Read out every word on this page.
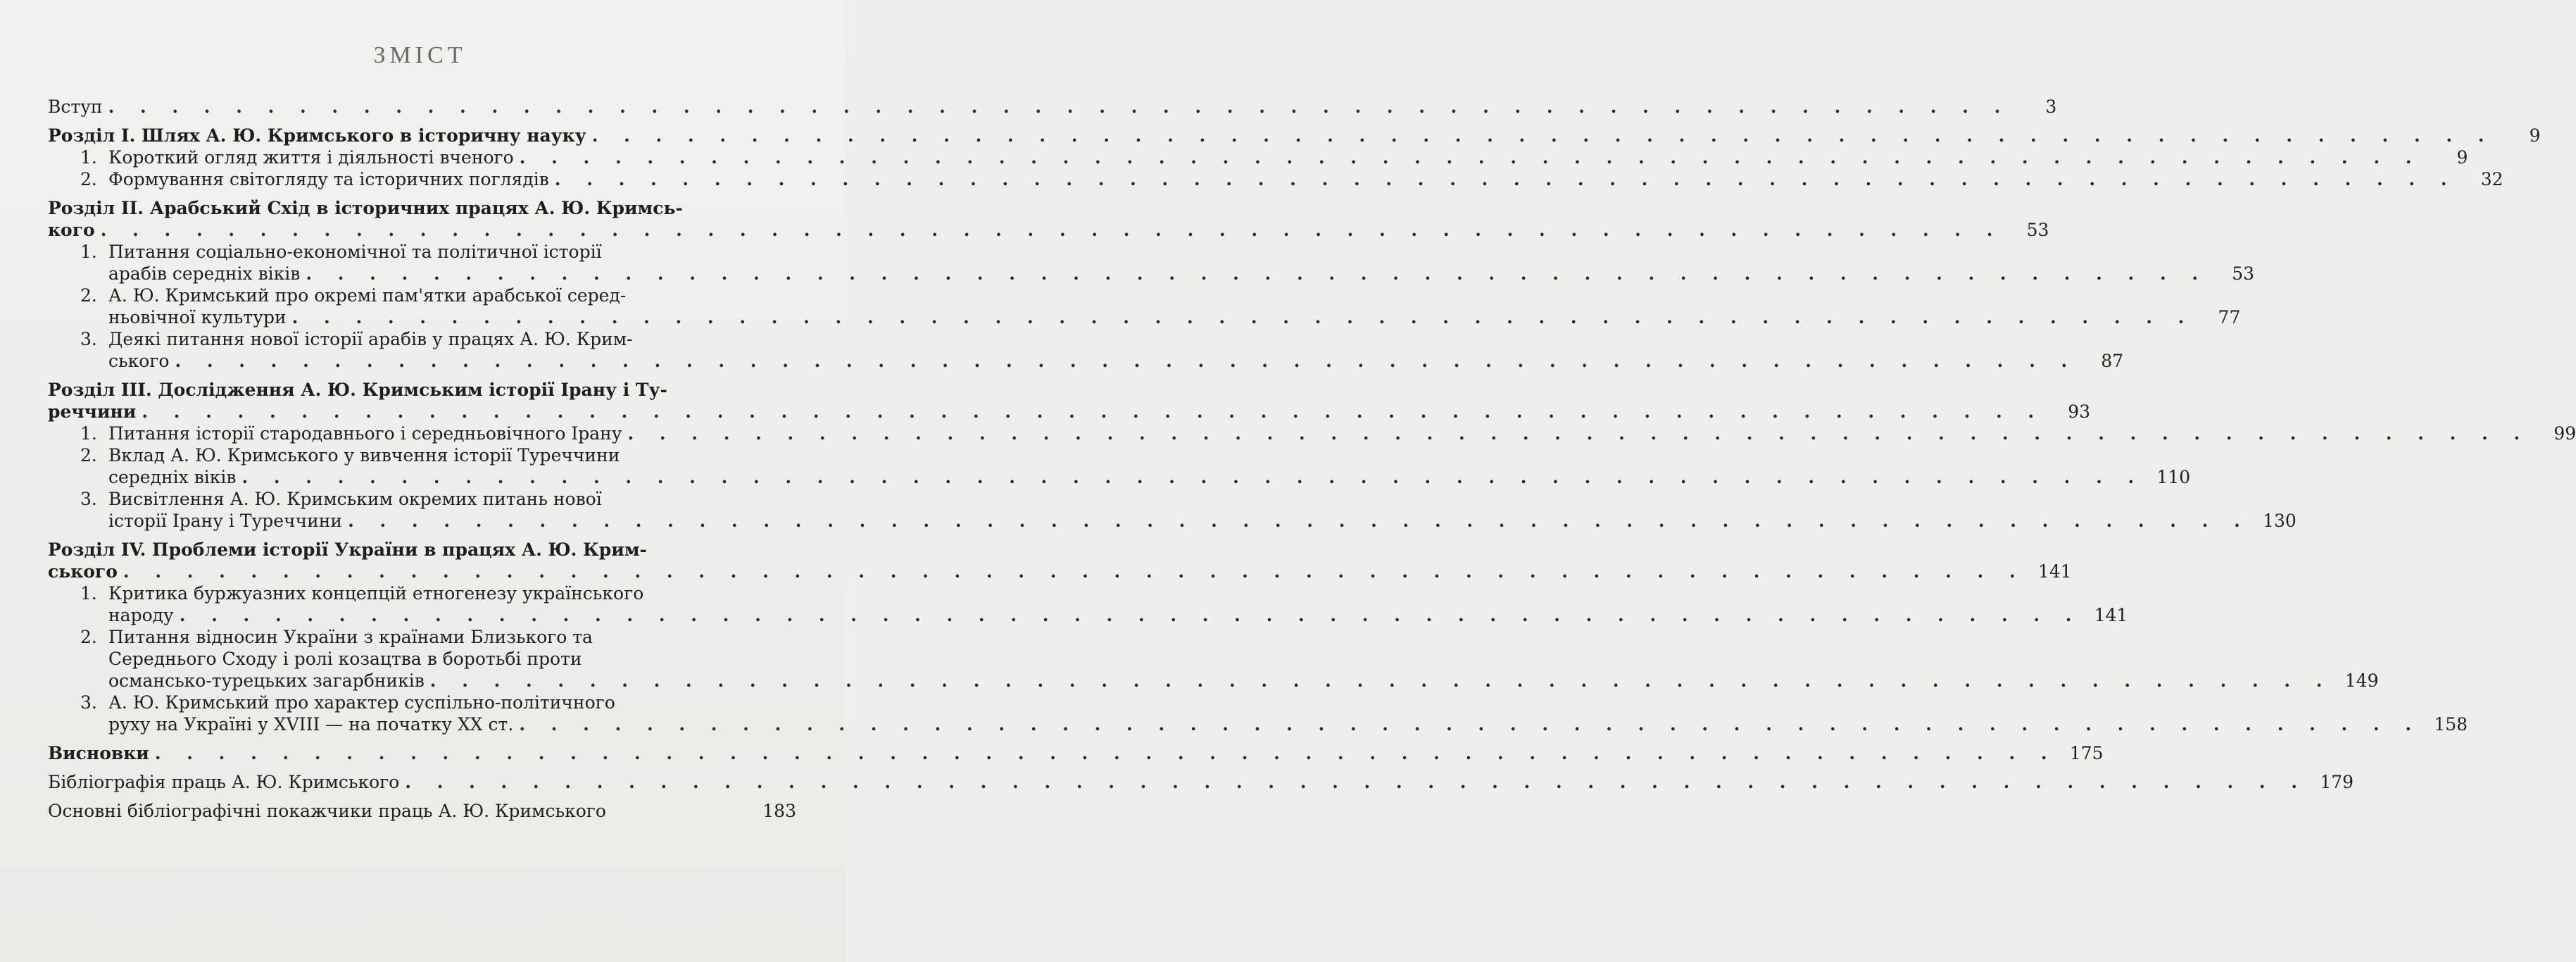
ЗМІСТ
Вступ . . . . . . . . . . . . . . . . . . . . . . . . . . . . . . . . . . . . . . . . . . . . . . . . . . . . . . . . . . . .	3
Розділ I. Шлях А. Ю. Кримського в історичну науку . . . . . . . . . . . . . . . . . . . . . . . . . . . . . . . . . . . . . . . . . . . . . . . . . . . . . . . . . . . .	9
1. Короткий огляд життя і діяльності вченого . . . . . . . . . . . . . . . . . . . . . . . . . . . . . . . . . . . . . . . . . . . . . . . . . . . . . . . . . . . .	9
2. Формування світогляду та історичних поглядів . . . . . . . . . . . . . . . . . . . . . . . . . . . . . . . . . . . . . . . . . . . . . . . . . . . . . . . . . . . .	32
Розділ II. Арабський Схід в історичних працях А. Ю. Кримсь-
кого . . . . . . . . . . . . . . . . . . . . . . . . . . . . . . . . . . . . . . . . . . . . . . . . . . . . . . . . . . . .	53
1. Питання соціально-економічної та політичної історії
арабів середніх віків . . . . . . . . . . . . . . . . . . . . . . . . . . . . . . . . . . . . . . . . . . . . . . . . . . . . . . . . . . . .	53
2. А. Ю. Кримський про окремі пам'ятки арабської серед-
ньовічної культури . . . . . . . . . . . . . . . . . . . . . . . . . . . . . . . . . . . . . . . . . . . . . . . . . . . . . . . . . . . .	77
3. Деякі питання нової історії арабів у працях А. Ю. Крим-
ського . . . . . . . . . . . . . . . . . . . . . . . . . . . . . . . . . . . . . . . . . . . . . . . . . . . . . . . . . . . .	87
Розділ III. Дослідження А. Ю. Кримським історії Ірану і Ту-
реччини . . . . . . . . . . . . . . . . . . . . . . . . . . . . . . . . . . . . . . . . . . . . . . . . . . . . . . . . . . . .	93
1. Питання історії стародавнього і середньовічного Ірану . . . . . . . . . . . . . . . . . . . . . . . . . . . . . . . . . . . . . . . . . . . . . . . . . . . . . . . . . . . .	99
2. Вклад А. Ю. Кримського у вивчення історії Туреччини
середніх віків . . . . . . . . . . . . . . . . . . . . . . . . . . . . . . . . . . . . . . . . . . . . . . . . . . . . . . . . . . . . 110
3. Висвітлення А. Ю. Кримським окремих питань нової
історії Ірану і Туреччини . . . . . . . . . . . . . . . . . . . . . . . . . . . . . . . . . . . . . . . . . . . . . . . . . . . . . . . . . . . . 130
Розділ IV. Проблеми історії України в працях А. Ю. Крим-
ського . . . . . . . . . . . . . . . . . . . . . . . . . . . . . . . . . . . . . . . . . . . . . . . . . . . . . . . . . . . . 141
1. Критика буржуазних концепцій етногенезу українського
народу . . . . . . . . . . . . . . . . . . . . . . . . . . . . . . . . . . . . . . . . . . . . . . . . . . . . . . . . . . . . 141
2. Питання відносин України з країнами Близького та
Середнього Сходу і ролі козацтва в боротьбі проти
османсько-турецьких загарбників . . . . . . . . . . . . . . . . . . . . . . . . . . . . . . . . . . . . . . . . . . . . . . . . . . . . . . . . . . . . 149
3. А. Ю. Кримський про характер суспільно-політичного
руху на Україні у XVIII — на початку XX ст. . . . . . . . . . . . . . . . . . . . . . . . . . . . . . . . . . . . . . . . . . . . . . . . . . . . . . . . . . . . . 158
Висновки . . . . . . . . . . . . . . . . . . . . . . . . . . . . . . . . . . . . . . . . . . . . . . . . . . . . . . . . . . . . 175
Бібліографія праць А. Ю. Кримського . . . . . . . . . . . . . . . . . . . . . . . . . . . . . . . . . . . . . . . . . . . . . . . . . . . . . . . . . . . . 179
Основні бібліографічні покажчики праць А. Ю. Кримського	183
